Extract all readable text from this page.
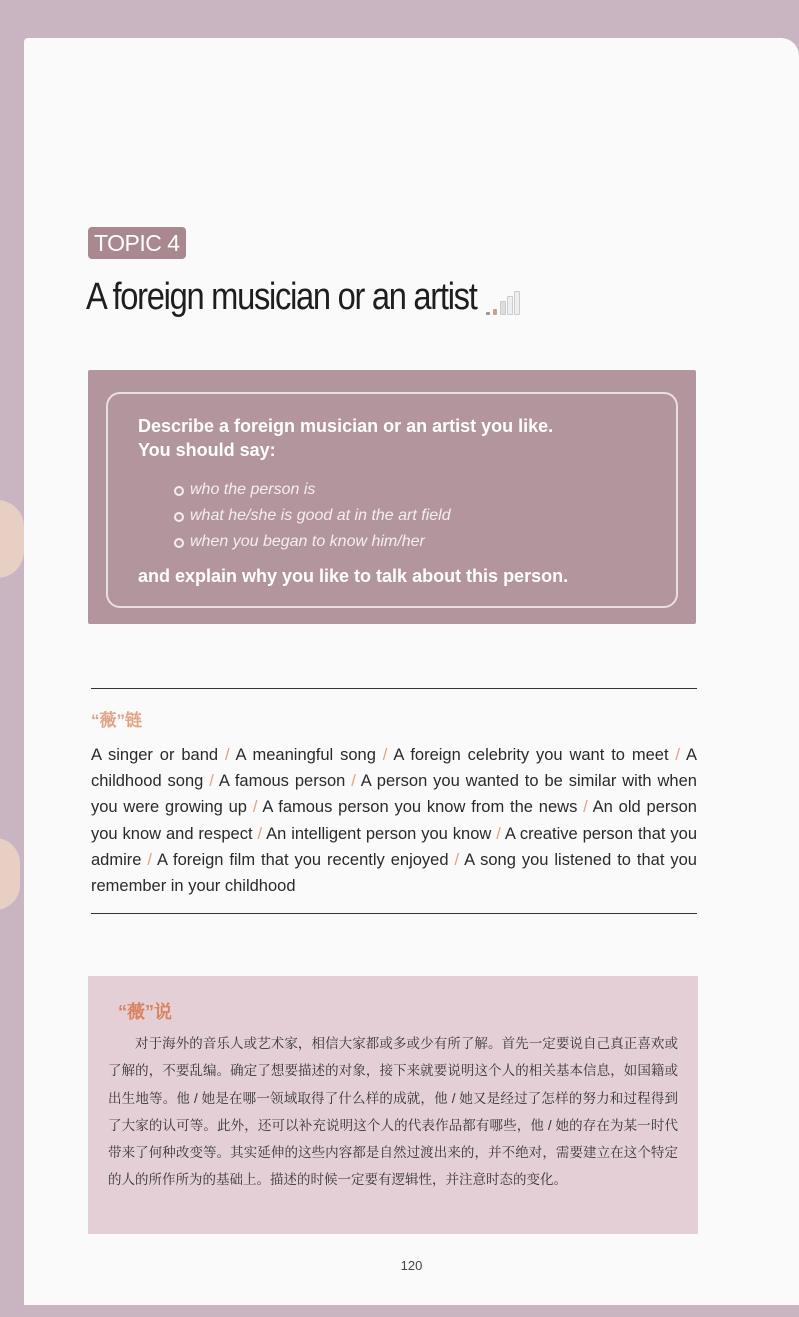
TOPIC 4
A foreign musician or an artist

Describe a foreign musician or an artist you like.
You should say:

who the person is
what he/she is good at in the art field
when you began to know him/her

and explain why you like to talk about this person.

“薇”链

A singer or band / A meaningful song / A foreign celebrity you want to meet / A childhood song / A famous person / A person you wanted to be similar with when you were growing up / A famous person you know from the news / An old person you know and respect / An intelligent person you know / A creative person that you admire / A foreign film that you recently enjoyed / A song you listened to that you remember in your childhood

“薇”说

对于海外的音乐人或艺术家，相信大家都或多或少有所了解。首先一定要说自己真正喜欢或了解的，不要乱编。确定了想要描述的对象，接下来就要说明这个人的相关基本信息，如国籍或出生地等。他 / 她是在哪一领域取得了什么样的成就，他 / 她又是经过了怎样的努力和过程得到了大家的认可等。此外，还可以补充说明这个人的代表作品都有哪些，他 / 她的存在为某一时代带来了何种改变等。其实延伸的这些内容都是自然过渡出来的，并不绝对，需要建立在这个特定的人的所作所为的基础上。描述的时候一定要有逻辑性，并注意时态的变化。

120
